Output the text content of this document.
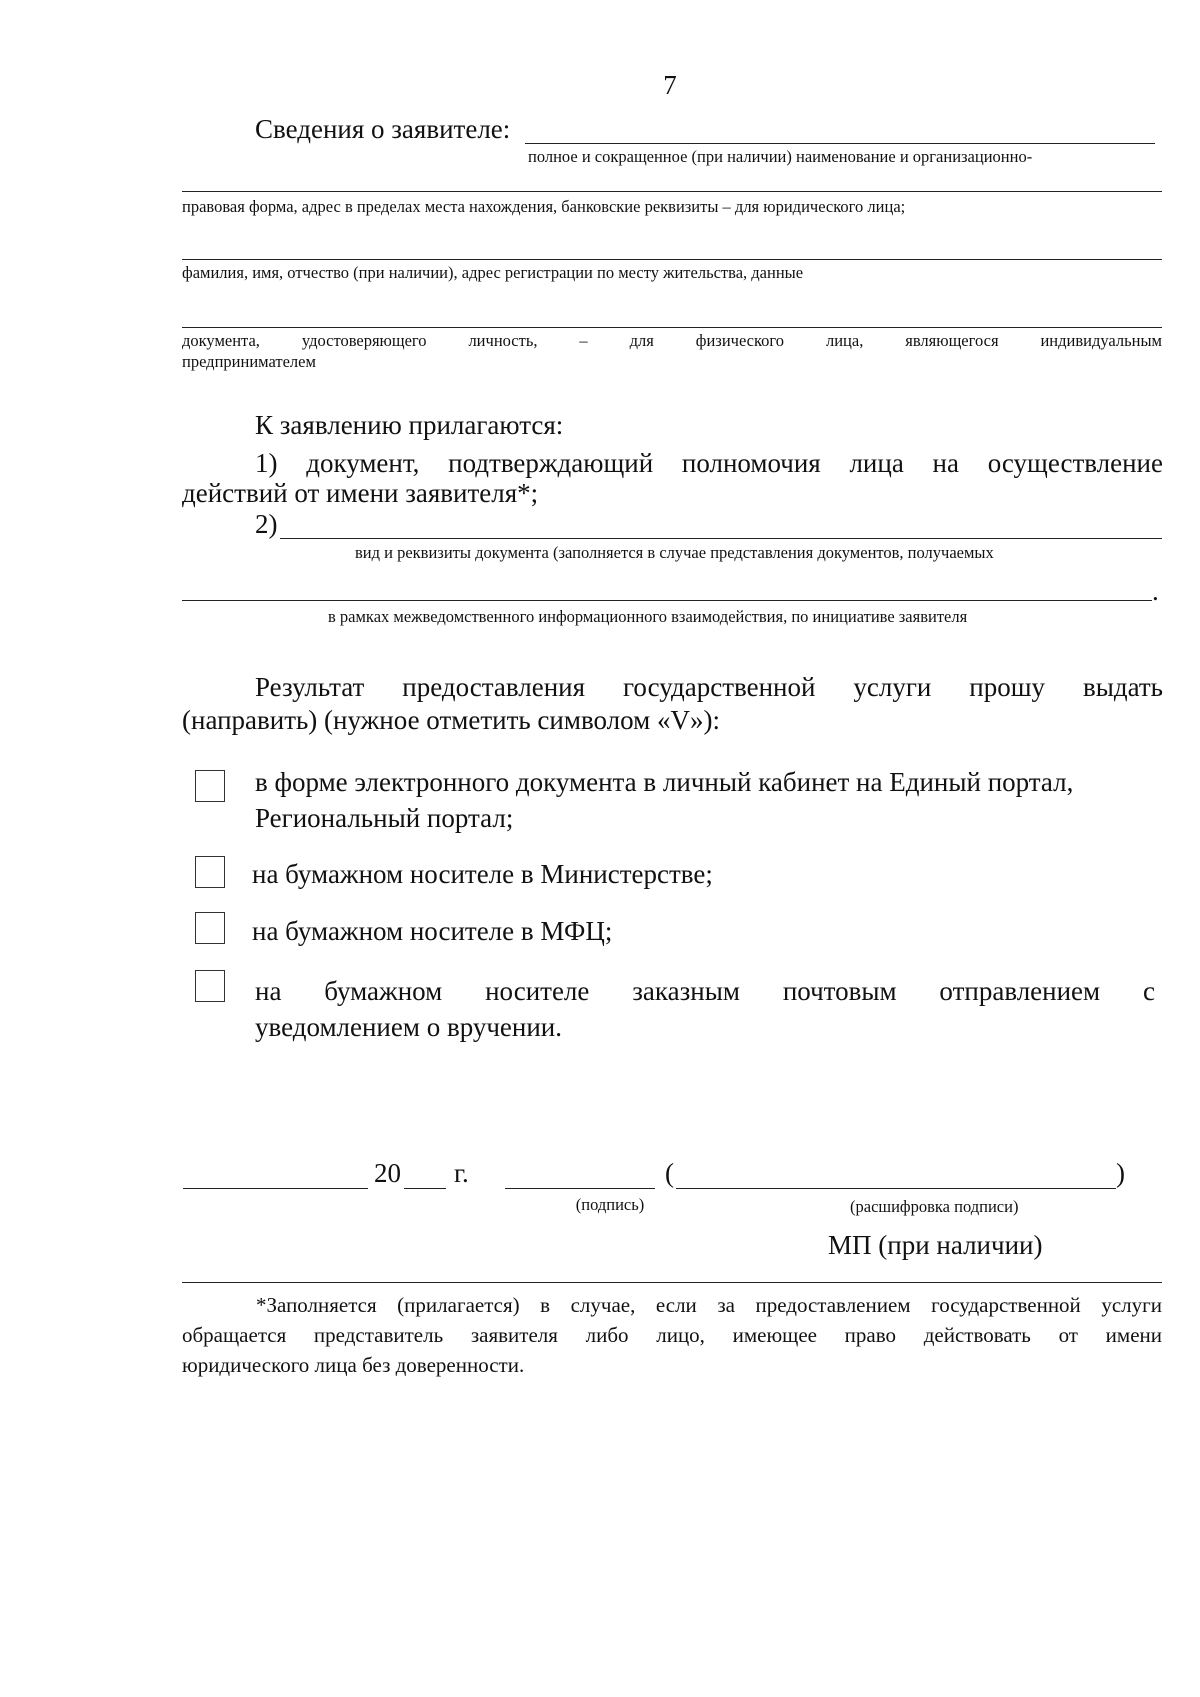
7
Сведения о заявителе:
полное и сокращенное (при наличии) наименование и организационно-
правовая форма, адрес в пределах места нахождения, банковские реквизиты – для юридического лица;
фамилия, имя, отчество (при наличии), адрес регистрации по месту жительства, данные
документа, удостоверяющего личность, – для физического лица, являющегося индивидуальным
предпринимателем
К заявлению прилагаются:
1) документ, подтверждающий полномочия лица на осуществление
действий от имени заявителя*;
2)
вид и реквизиты документа (заполняется в случае представления документов, получаемых
.
в рамках межведомственного информационного взаимодействия, по инициативе заявителя
Результат предоставления государственной услуги прошу выдать
(направить) (нужное отметить символом «V»):
в форме электронного документа в личный кабинет на Единый портал,
Региональный портал;
на бумажном носителе в Министерстве;
на бумажном носителе в МФЦ;
на бумажном носителе заказным почтовым отправлением с
уведомлением о вручении.
20 г.
(подпись)
(	)
(расшифровка подписи)
МП (при наличии)
*Заполняется (прилагается) в случае, если за предоставлением государственной услуги
обращается представитель заявителя либо лицо, имеющее право действовать от имени
юридического лица без доверенности.
